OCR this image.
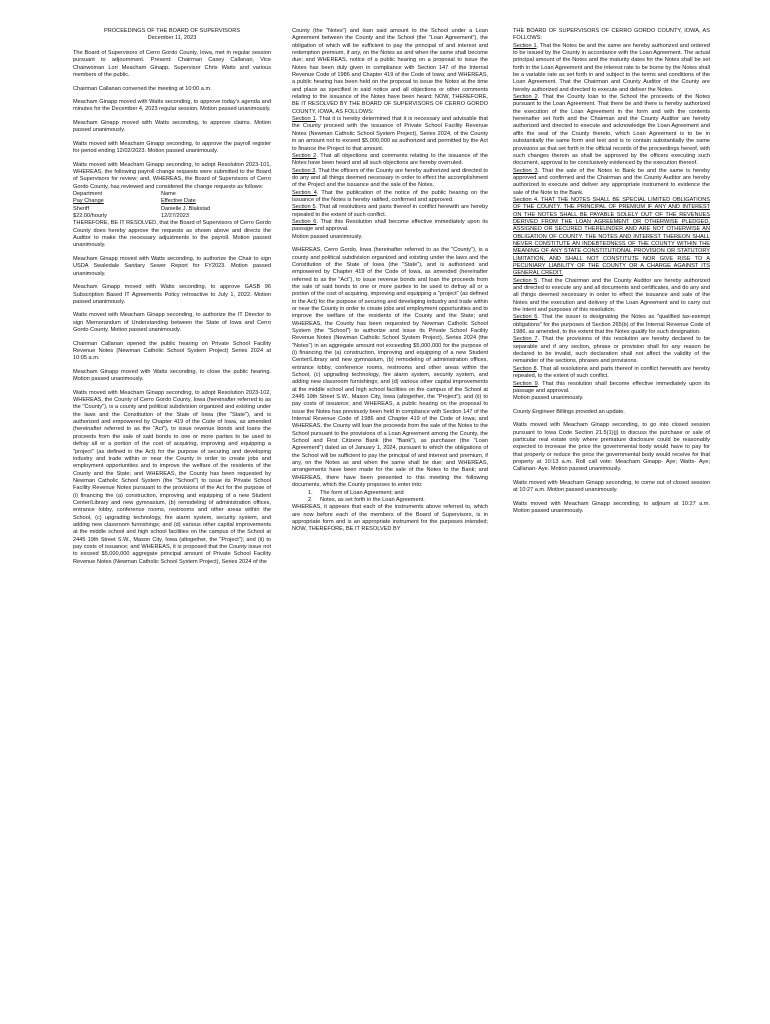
PROCEEDINGS OF THE BOARD OF SUPERVISORS

December 11, 2023

The Board of Supervisors of Cerro Gordo County, Iowa, met in regular session pursuant to adjournment. Present: Chairman Casey Callanan, Vice Chairwoman Lori Meacham Ginapp, Supervisor Chris Watts and various members of the public.

Chairman Callanan convened the meeting at 10:00 a.m.

Meacham Ginapp moved with Watts seconding, to approve today's agenda and minutes for the December 4, 2023 regular session. Motion passed unanimously.

Meacham Ginapp moved with Watts seconding, to approve claims. Motion passed unanimously.

Watts moved with Meacham Ginapp seconding, to approve the payroll register for period ending 12/02/2023. Motion passed unanimously.

Watts moved with Meacham Ginapp seconding, to adopt Resolution 2023-101, WHEREAS, the following payroll change requests were submitted to the Board of Supervisors for review; and, WHEREAS, the Board of Supervisors of Cerro Gordo County, has reviewed and considered the change requests as follows:

Department	Name
Pay Change	Effective Date
Sheriff	Danielle J. Blakstad
$22.00/hourly	12/27/2023

THEREFORE, BE IT RESOLVED, that the Board of Supervisors of Cerro Gordo County does hereby approve the requests as shown above and directs the Auditor to make the necessary adjustments to the payroll. Motion passed unanimously.

Meacham Ginapp moved with Watts seconding, to authorize the Chair to sign USDA Swaledale Sanitary Sewer Report for FY2023. Motion passed unanimously.

Meacham Ginapp moved with Watts seconding, to approve GASB 96 Subscription Based IT Agreements Policy retroactive to July 1, 2022. Motion passed unanimously.

Watts moved with Meacham Ginapp seconding, to authorize the IT Director to sign Memorandum of Understanding between the State of Iowa and Cerro Gordo County. Motion passed unanimously.

Chairman Callanan opened the public hearing on Private School Facility Revenue Notes (Newman Catholic School System Project) Series 2024 at 10:05 a.m.

Meacham Ginapp moved with Watts seconding, to close the public hearing. Motion passed unanimously.

Watts moved with Meacham Ginapp seconding, to adopt Resolution 2023-102, WHEREAS, the County of Cerro Gordo County, Iowa (hereinafter referred to as the "County"), is a county and political subdivision organized and existing under the laws and the Constitution of the State of Iowa (the "State"), and is authorized and empowered by Chapter 419 of the Code of Iowa, as amended (hereinafter referred to as the "Act"), to issue revenue bonds and loans the proceeds from the sale of said bonds to one or more parties to be used to defray all or a portion of the cost of acquiring, improving and equipping a "project" (as defined in the Act) for the purpose of securing and developing industry and trade within or near the County in order to create jobs and employment opportunities and to improve the welfare of the residents of the County and the State; and WHEREAS, the County has been requested by Newman Catholic School System (the "School") to issue its Private School Facility Revenue Notes pursuant to the provisions of the Act for the purpose of (i) financing the (a) construction, improving and equipping of a new Student Center/Library and new gymnasium, (b) remodeling of administration offices, entrance lobby, conference rooms, restrooms and other areas within the School, (c) upgrading technology, fire alarm system, security system, and adding new classroom furnishings; and (d) various other capital improvements at the middle school and high school facilities on the campus of the School at 2445 19th Street S.W., Mason City, Iowa (altogether, the "Project"); and (ii) to pay costs of issuance; and WHEREAS, it is proposed that the County issue not to exceed $5,000,000 aggregate principal amount of Private School Facility Revenue Notes (Newman Catholic School System Project), Series 2024 of the

County (the "Notes") and loan said amount to the School under a Loan Agreement between the County and the School (the "Loan Agreement"), the obligation of which will be sufficient to pay the principal of and interest and redemption premium, if any, on the Notes as and when the same shall become due; and WHEREAS, notice of a public hearing on a proposal to issue the Notes has been duly given in compliance with Section 147 of the Internal Revenue Code of 1986 and Chapter 419 of the Code of Iowa; and WHEREAS, a public hearing has been held on the proposal to issue the Notes at the time and place as specified in said notice and all objections or other comments relating to the issuance of the Notes have been heard; NOW, THEREFORE, BE IT RESOLVED BY THE BOARD OF SUPERVISORS OF CERRO GORDO COUNTY, IOWA, AS FOLLOWS:

Section 1. That it is hereby determined that it is necessary and advisable that the County proceed with the issuance of Private School Facility Revenue Notes (Newman Catholic School System Project), Series 2024, of the County in an amount not to exceed $5,000,000 as authorized and permitted by the Act to finance the Project to that amount.
Section 2. That all objections and comments relating to the issuance of the Notes have been heard and all such objections are hereby overruled.
Section 3. That the officers of the County are hereby authorized and directed to do any and all things deemed necessary in order to effect the accomplishment of the Project and the issuance and the sale of the Notes.
Section 4. That the publication of the notice of the public hearing on the issuance of the Notes is hereby ratified, confirmed and approved.
Section 5. That all resolutions and parts thereof in conflict herewith are hereby repealed to the extent of such conflict.
Section 6. That this Resolution shall become effective immediately upon its passage and approval.

Motion passed unanimously.

WHEREAS, Cerro Gordo, Iowa (hereinafter referred to as the "County"), is a county and political subdivision organized and existing under the laws and the Constitution of the State of Iowa (the "State"), and is authorized and empowered by Chapter 419 of the Code of Iowa, as amended (hereinafter referred to as the "Act"), to issue revenue bonds and loan the proceeds from the sale of said bonds to one or more parties to be used to defray all or a portion of the cost of acquiring, improving and equipping a "project" (as defined in the Act) for the purpose of securing and developing industry and trade within or near the County in order to create jobs and employment opportunities and to improve the welfare of the residents of the County and the State; and WHEREAS, the County has been requested by Newman Catholic School System (the "School") to authorize and issue its Private School Facility Revenue Notes (Newman Catholic School System Project), Series 2024 (the "Notes") in an aggregate amount not exceeding $5,000,000 for the purpose of (i) financing the (a) construction, improving and equipping of a new Student Center/Library and new gymnasium, (b) remodeling of administration offices, entrance lobby, conference rooms, restrooms and other areas within the School, (c) upgrading technology, fire alarm system, security system, and adding new classroom furnishings; and (d) various other capital improvements at the middle school and high school facilities on the campus of the School at 2445 19th Street S.W., Mason City, Iowa (altogether, the "Project"); and (ii) to pay costs of issuance; and WHEREAS, a public hearing on the proposal to issue the Notes has previously been held in compliance with Section 147 of the Internal Revenue Code of 1986 and Chapter 419 of the Code of Iowa; and WHEREAS, the County will loan the proceeds from the sale of the Notes to the School pursuant to the provisions of a Loan Agreement among the County, the School and First Citizens Bank (the "Bank"), as purchaser (the "Loan Agreement") dated as of January 1, 2024, pursuant to which the obligations of the School will be sufficient to pay the principal of and interest and premium, if any, on the Notes as and when the same shall be due; and WHEREAS, arrangements have been made for the sale of the Notes to the Bank; and WHEREAS, there have been presented to this meeting the following documents, which the County proposes to enter into:

1. The form of Loan Agreement; and
2. Notes, as set forth in the Loan Agreement.

WHEREAS, it appears that each of the instruments above referred to, which are now before each of the members of the Board of Supervisors, is in appropriate form and is an appropriate instrument for the purposes intended; NOW, THEREFORE, BE IT RESOLVED BY

THE BOARD OF SUPERVISORS OF CERRO GORDO COUNTY, IOWA, AS FOLLOWS:

Section 1. That the Notes be and the same are hereby authorized and ordered to be issued by the County in accordance with the Loan Agreement. The actual principal amount of the Notes and the maturity dates for the Notes shall be set forth in the Loan Agreement and the interest rate to be borne by the Notes shall be a variable rate as set forth in and subject to the terms and conditions of the Loan Agreement. That the Chairman and County Auditor of the County are hereby authorized and directed to execute and deliver the Notes.
Section 2. That the County loan to the School the proceeds of the Notes pursuant to the Loan Agreement. That there be and there is hereby authorized the execution of the Loan Agreement in the form and with the contents hereinafter set forth and the Chairman and the County Auditor are hereby authorized and directed to execute and acknowledge the Loan Agreement and affix the seal of the County thereto, which Loan Agreement is to be in substantially the same form and text and is to contain substantially the same provisions as that set forth in the official records of the proceedings hereof, with such changes therein as shall be approved by the officers executing such document, approval to be conclusively evidenced by the execution thereof.
Section 3. That the sale of the Notes to Bank be and the same is hereby approved and confirmed and the Chairman and the County Auditor are hereby authorized to execute and deliver any appropriate instrument to evidence the sale of the Note to the Bank.
Section 4. THAT THE NOTES SHALL BE SPECIAL LIMITED OBLIGATIONS OF THE COUNTY. THE PRINCIPAL OF PREMIUM IF ANY AND INTEREST ON THE NOTES SHALL BE PAYABLE SOLELY OUT OF THE REVENUES DERIVED FROM THE LOAN AGREEMENT OR OTHERWISE PLEDGED, ASSIGNED OR SECURED THEREUNDER AND ARE NOT OTHERWISE AN OBLIGATION OF COUNTY. THE NOTES AND INTEREST THEREON SHALL NEVER CONSTITUTE AN INDEBTEDNESS OF THE COUNTY WITHIN THE MEANING OF ANY STATE CONSTITUTIONAL PROVISION OR STATUTORY LIMITATION, AND SHALL NOT CONSTITUTE NOR GIVE RISE TO A PECUNIARY LIABILITY OF THE COUNTY OR A CHARGE AGAINST ITS GENERAL CREDIT.
Section 5. That the Chairman and the County Auditor are hereby authorized and directed to execute any and all documents and certificates, and do any and all things deemed necessary in order to effect the issuance and sale of the Notes and the execution and delivery of the Loan Agreement and to carry out the intent and purposes of this resolution.
Section 6. That the issuer is designating the Notes as "qualified tax-exempt obligations" for the purposes of Section 265(b) of the Internal Revenue Code of 1986, as amended, to the extent that the Notes qualify for such designation.
Section 7. That the provisions of this resolution are hereby declared to be separable and if any section, phrase or provision shall for any reason be declared to be invalid, such declaration shall not affect the validity of the remainder of the sections, phrases and provisions.
Section 8. That all resolutions and parts thereof in conflict herewith are hereby repealed, to the extent of such conflict.
Section 9. That this resolution shall become effective immediately upon its passage and approval.

Motion passed unanimously.

County Engineer Billings provided an update.

Watts moved with Meacham Ginapp seconding, to go into closed session pursuant to Iowa Code Section 21.5(1)(j) to discuss the purchase or sale of particular real estate only where premature disclosure could be reasonably expected to increase the price the governmental body would have to pay for that property or reduce the price the governmental body would receive for that property at 10:13 a.m. Roll call vote: Meacham Ginapp- Aye; Watts- Aye; Callanan- Aye. Motion passed unanimously.

Watts moved with Meacham Ginapp seconding, to come out of closed session at 10:27 a.m. Motion passed unanimously.

Watts moved with Meacham Ginapp seconding, to adjourn at 10:27 a.m. Motion passed unanimously.
